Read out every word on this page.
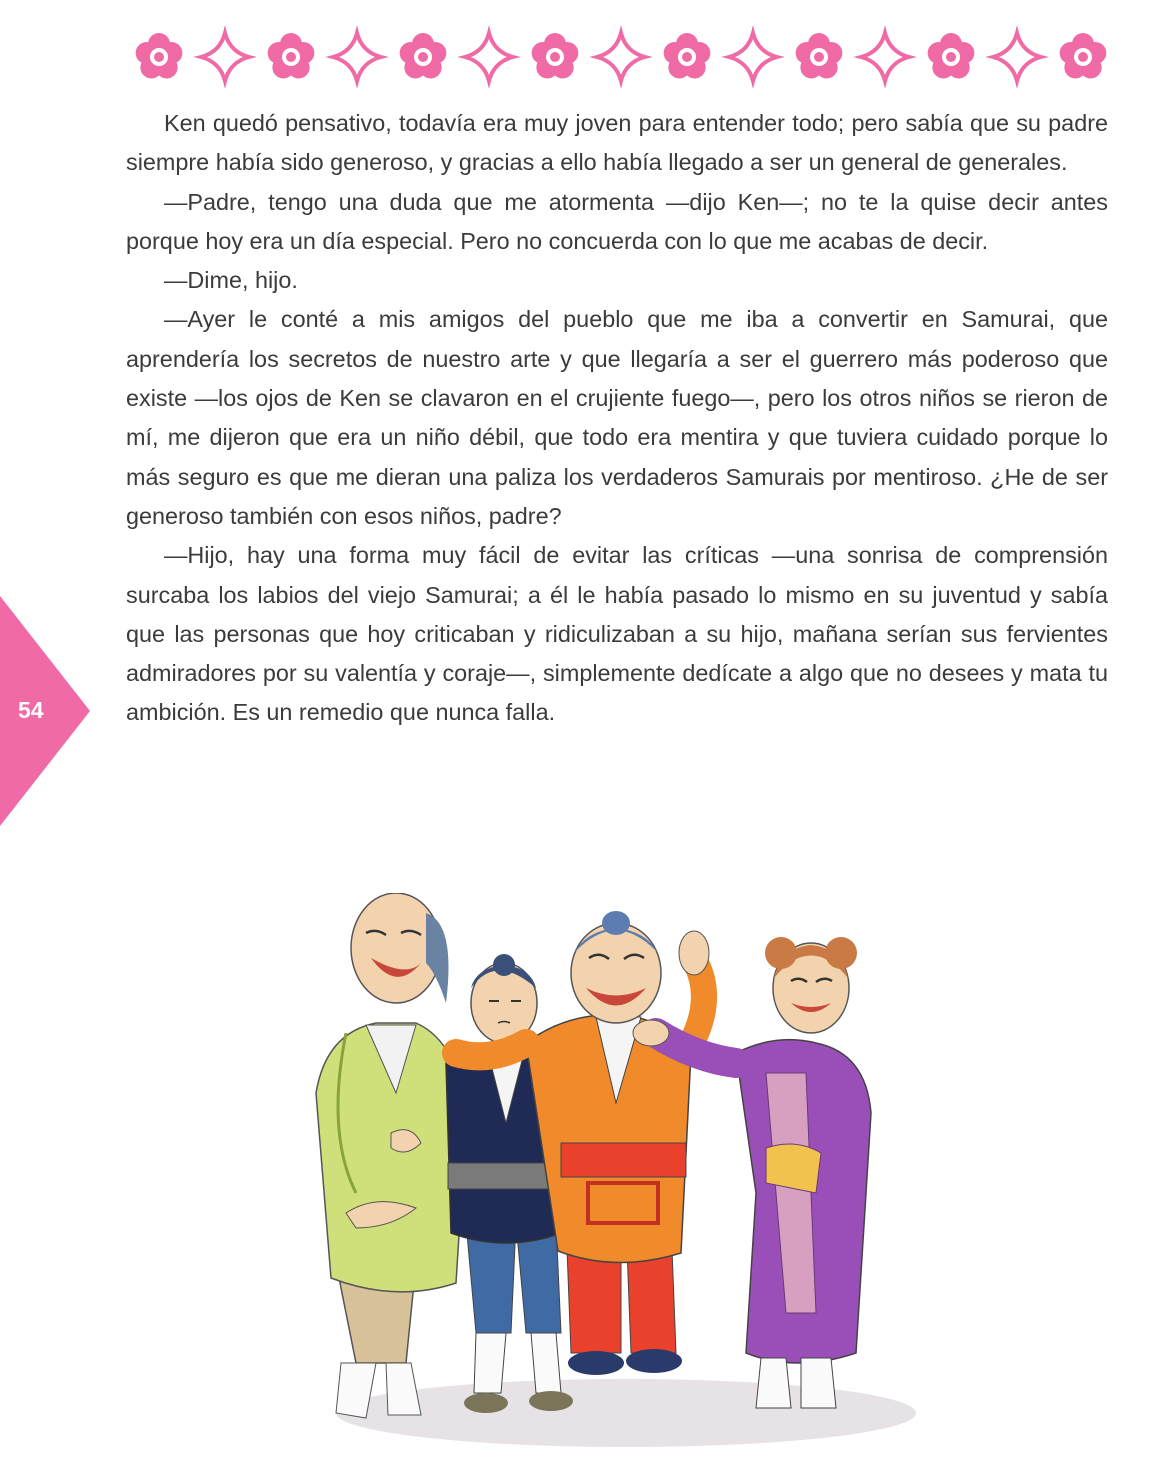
54

Ken quedó pensativo, todavía era muy joven para entender todo; pero sabía que su padre siempre había sido generoso, y gracias a ello había llegado a ser un general de generales.

—Padre, tengo una duda que me atormenta —dijo Ken—; no te la quise decir antes porque hoy era un día especial. Pero no concuerda con lo que me acabas de decir.

—Dime, hijo.

—Ayer le conté a mis amigos del pueblo que me iba a convertir en Samurai, que aprendería los secretos de nuestro arte y que llegaría a ser el guerrero más poderoso que existe —los ojos de Ken se clavaron en el crujiente fuego—, pero los otros niños se rieron de mí, me dijeron que era un niño débil, que todo era mentira y que tuviera cuidado porque lo más seguro es que me dieran una paliza los verdaderos Samurais por mentiroso. ¿He de ser generoso también con esos niños, padre?

—Hijo, hay una forma muy fácil de evitar las críticas —una sonrisa de comprensión surcaba los labios del viejo Samurai; a él le había pasado lo mismo en su juventud y sabía que las personas que hoy criticaban y ridiculizaban a su hijo, mañana serían sus fervientes admiradores por su valentía y coraje—, simplemente dedícate a algo que no desees y mata tu ambición. Es un remedio que nunca falla.
